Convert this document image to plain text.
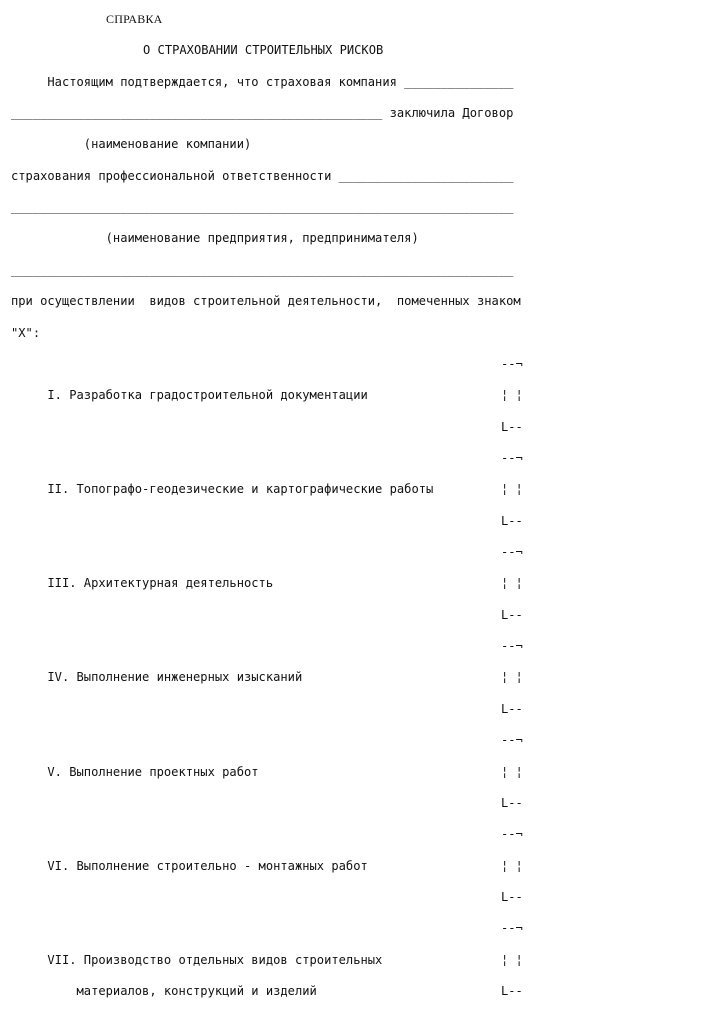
СПРАВКА
О СТРАХОВАНИИ СТРОИТЕЛЬНЫХ РИСКОВ
Настоящим подтверждается, что страховая компания _______________
___________________________________________________ заключила Договор
(наименование компании)
страхования профессиональной ответственности ________________________
_____________________________________________________________________
(наименование предприятия, предпринимателя)
_____________________________________________________________________
при осуществлении  видов строительной деятельности,  помеченных знаком
"X":
--¬
I. Разработка градостроительной документации	¦ ¦
L--
--¬
II. Топографо-геодезические и картографические работы	¦ ¦
L--
--¬
III. Архитектурная деятельность	¦ ¦
L--
--¬
IV. Выполнение инженерных изысканий	¦ ¦
L--
--¬
V. Выполнение проектных работ	¦ ¦
L--
--¬
VI. Выполнение строительно - монтажных работ	¦ ¦
L--
--¬
VII. Производство отдельных видов строительных	¦ ¦
материалов, конструкций и изделий	L--
